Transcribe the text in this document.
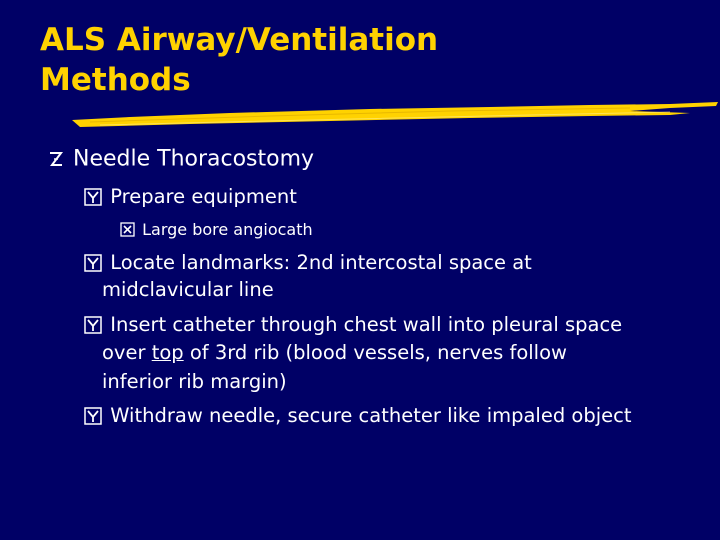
ALS Airway/Ventilation
Methods
Needle Thoracostomy
Prepare equipment
Large bore angiocath
Locate landmarks: 2nd intercostal space at
midclavicular line
Insert catheter through chest wall into pleural space
over top of 3rd rib (blood vessels, nerves follow
inferior rib margin)
Withdraw needle, secure catheter like impaled object
